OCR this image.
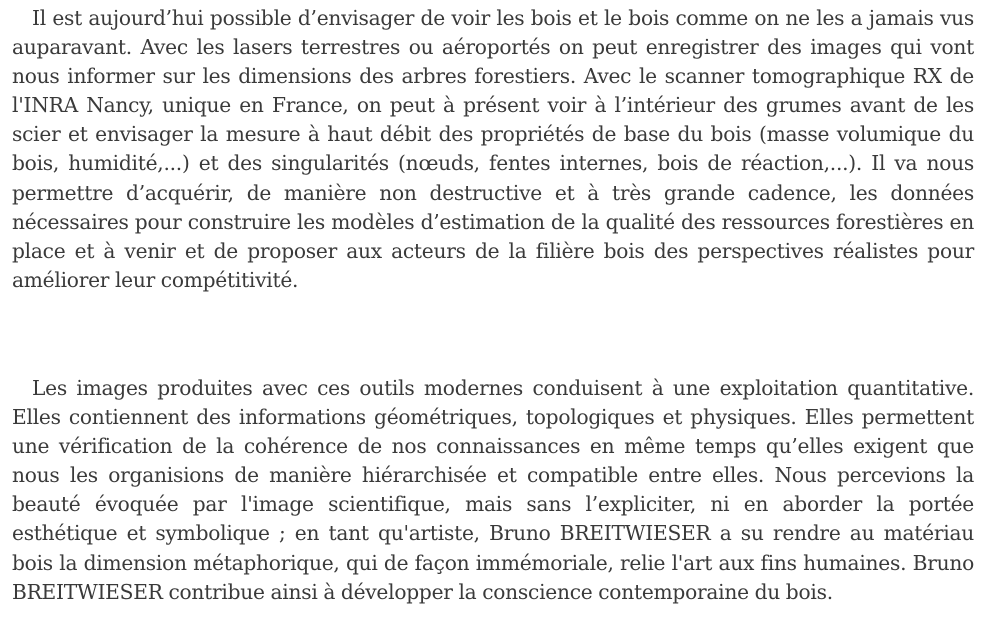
Il est aujourd’hui possible d’envisager de voir les bois et le bois comme on ne les a jamais vus auparavant. Avec les lasers terrestres ou aéroportés on peut enregistrer des images qui vont nous informer sur les dimensions des arbres forestiers. Avec le scanner tomographique RX de l'INRA Nancy, unique en France, on peut à présent voir à l’intérieur des grumes avant de les scier et envisager la mesure à haut débit des propriétés de base du bois (masse volumique du bois, humidité,...) et des singularités (nœuds, fentes internes, bois de réaction,...). Il va nous permettre d’acquérir, de manière non destructive et à très grande cadence, les données nécessaires pour construire les modèles d’estimation de la qualité des ressources forestières en place et à venir et de proposer aux acteurs de la filière bois des perspectives réalistes pour améliorer leur compétitivité.

Les images produites avec ces outils modernes conduisent à une exploitation quantitative. Elles contiennent des informations géométriques, topologiques et physiques. Elles permettent une vérification de la cohérence de nos connaissances en même temps qu’elles exigent que nous les organisions de manière hiérarchisée et compatible entre elles. Nous percevions la beauté évoquée par l'image scientifique, mais sans l’expliciter, ni en aborder la portée esthétique et symbolique ; en tant qu'artiste, Bruno BREITWIESER a su rendre au matériau bois la dimension métaphorique, qui de façon immémoriale, relie l'art aux fins humaines. Bruno BREITWIESER contribue ainsi à développer la conscience contemporaine du bois.
